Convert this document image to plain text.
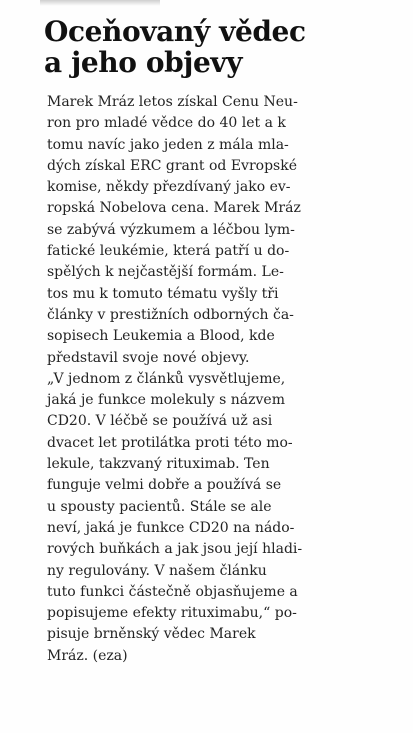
Oceňovaný vědec
a jeho objevy
Marek Mráz letos získal Cenu Neu-
ron pro mladé vědce do 40 let a k
tomu navíc jako jeden z mála mla-
dých získal ERC grant od Evropské
komise, někdy přezdívaný jako ev-
ropská Nobelova cena. Marek Mráz
se zabývá výzkumem a léčbou lym-
fatické leukémie, která patří u do-
spělých k nejčastější formám. Le-
tos mu k tomuto tématu vyšly tři
články v prestižních odborných ča-
sopisech Leukemia a Blood, kde
představil svoje nové objevy.
„V jednom z článků vysvětlujeme,
jaká je funkce molekuly s názvem
CD20. V léčbě se používá už asi
dvacet let protilátka proti této mo-
lekule, takzvaný rituximab. Ten
funguje velmi dobře a používá se
u spousty pacientů. Stále se ale
neví, jaká je funkce CD20 na nádo-
rových buňkách a jak jsou její hladi-
ny regulovány. V našem článku
tuto funkci částečně objasňujeme a
popisujeme efekty rituximabu,“ po-
pisuje brněnský vědec Marek
Mráz. (eza)
